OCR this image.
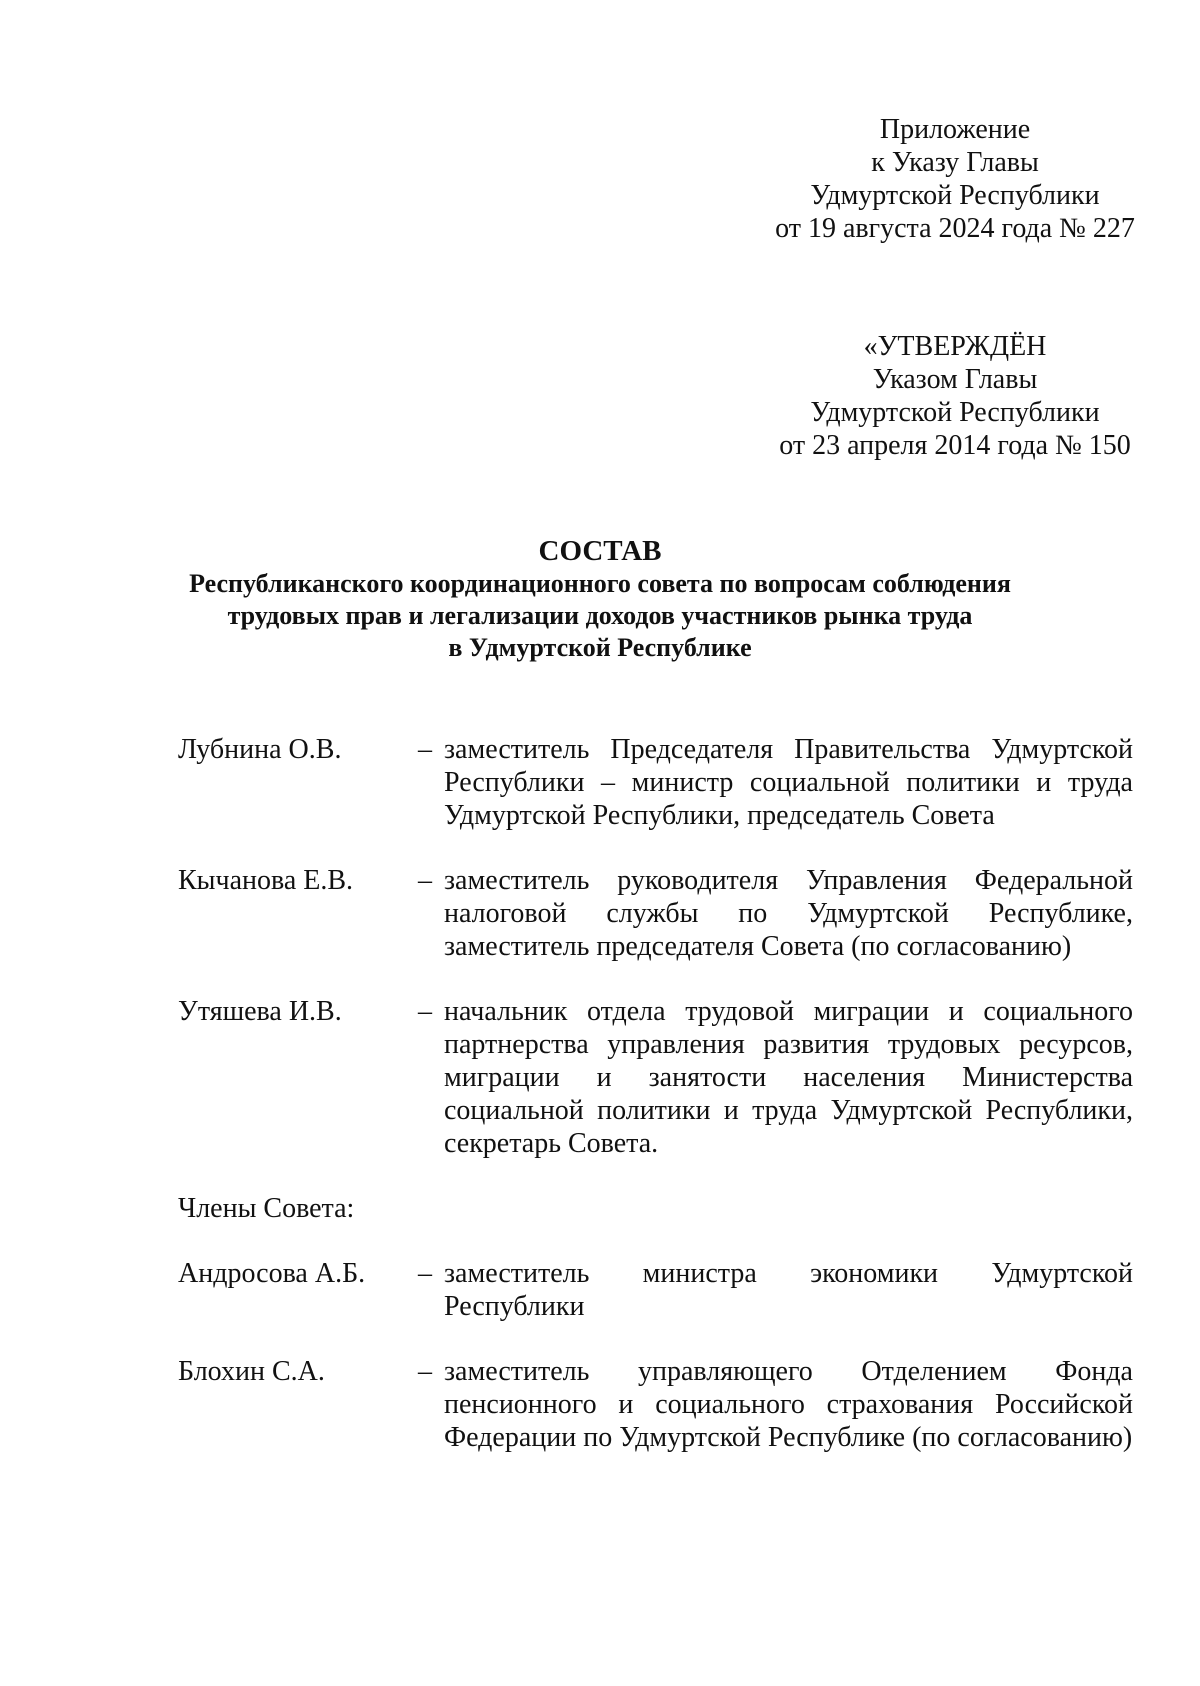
Приложение
к Указу Главы
Удмуртской Республики
от 19 августа 2024 года № 227
«УТВЕРЖДЁН
Указом Главы
Удмуртской Республики
от 23 апреля 2014 года № 150
СОСТАВ
Республиканского координационного совета по вопросам соблюдения
трудовых прав и легализации доходов участников рынка труда
в Удмуртской Республике
Лубнина О.В.	– заместитель Председателя Правительства Удмуртской Республики – министр социальной политики и труда Удмуртской Республики, председатель Совета
Кычанова Е.В.	– заместитель руководителя Управления Федеральной налоговой службы по Удмуртской Республике, заместитель председателя Совета (по согласованию)
Утяшева И.В.	– начальник отдела трудовой миграции и социального партнерства управления развития трудовых ресурсов, миграции и занятости населения Министерства социальной политики и труда Удмуртской Республики, секретарь Совета.
Члены Совета:
Андросова А.Б.	– заместитель министра экономики Удмуртской Республики
Блохин С.А.	– заместитель управляющего Отделением Фонда пенсионного и социального страхования Российской Федерации по Удмуртской Республике (по согласованию)
